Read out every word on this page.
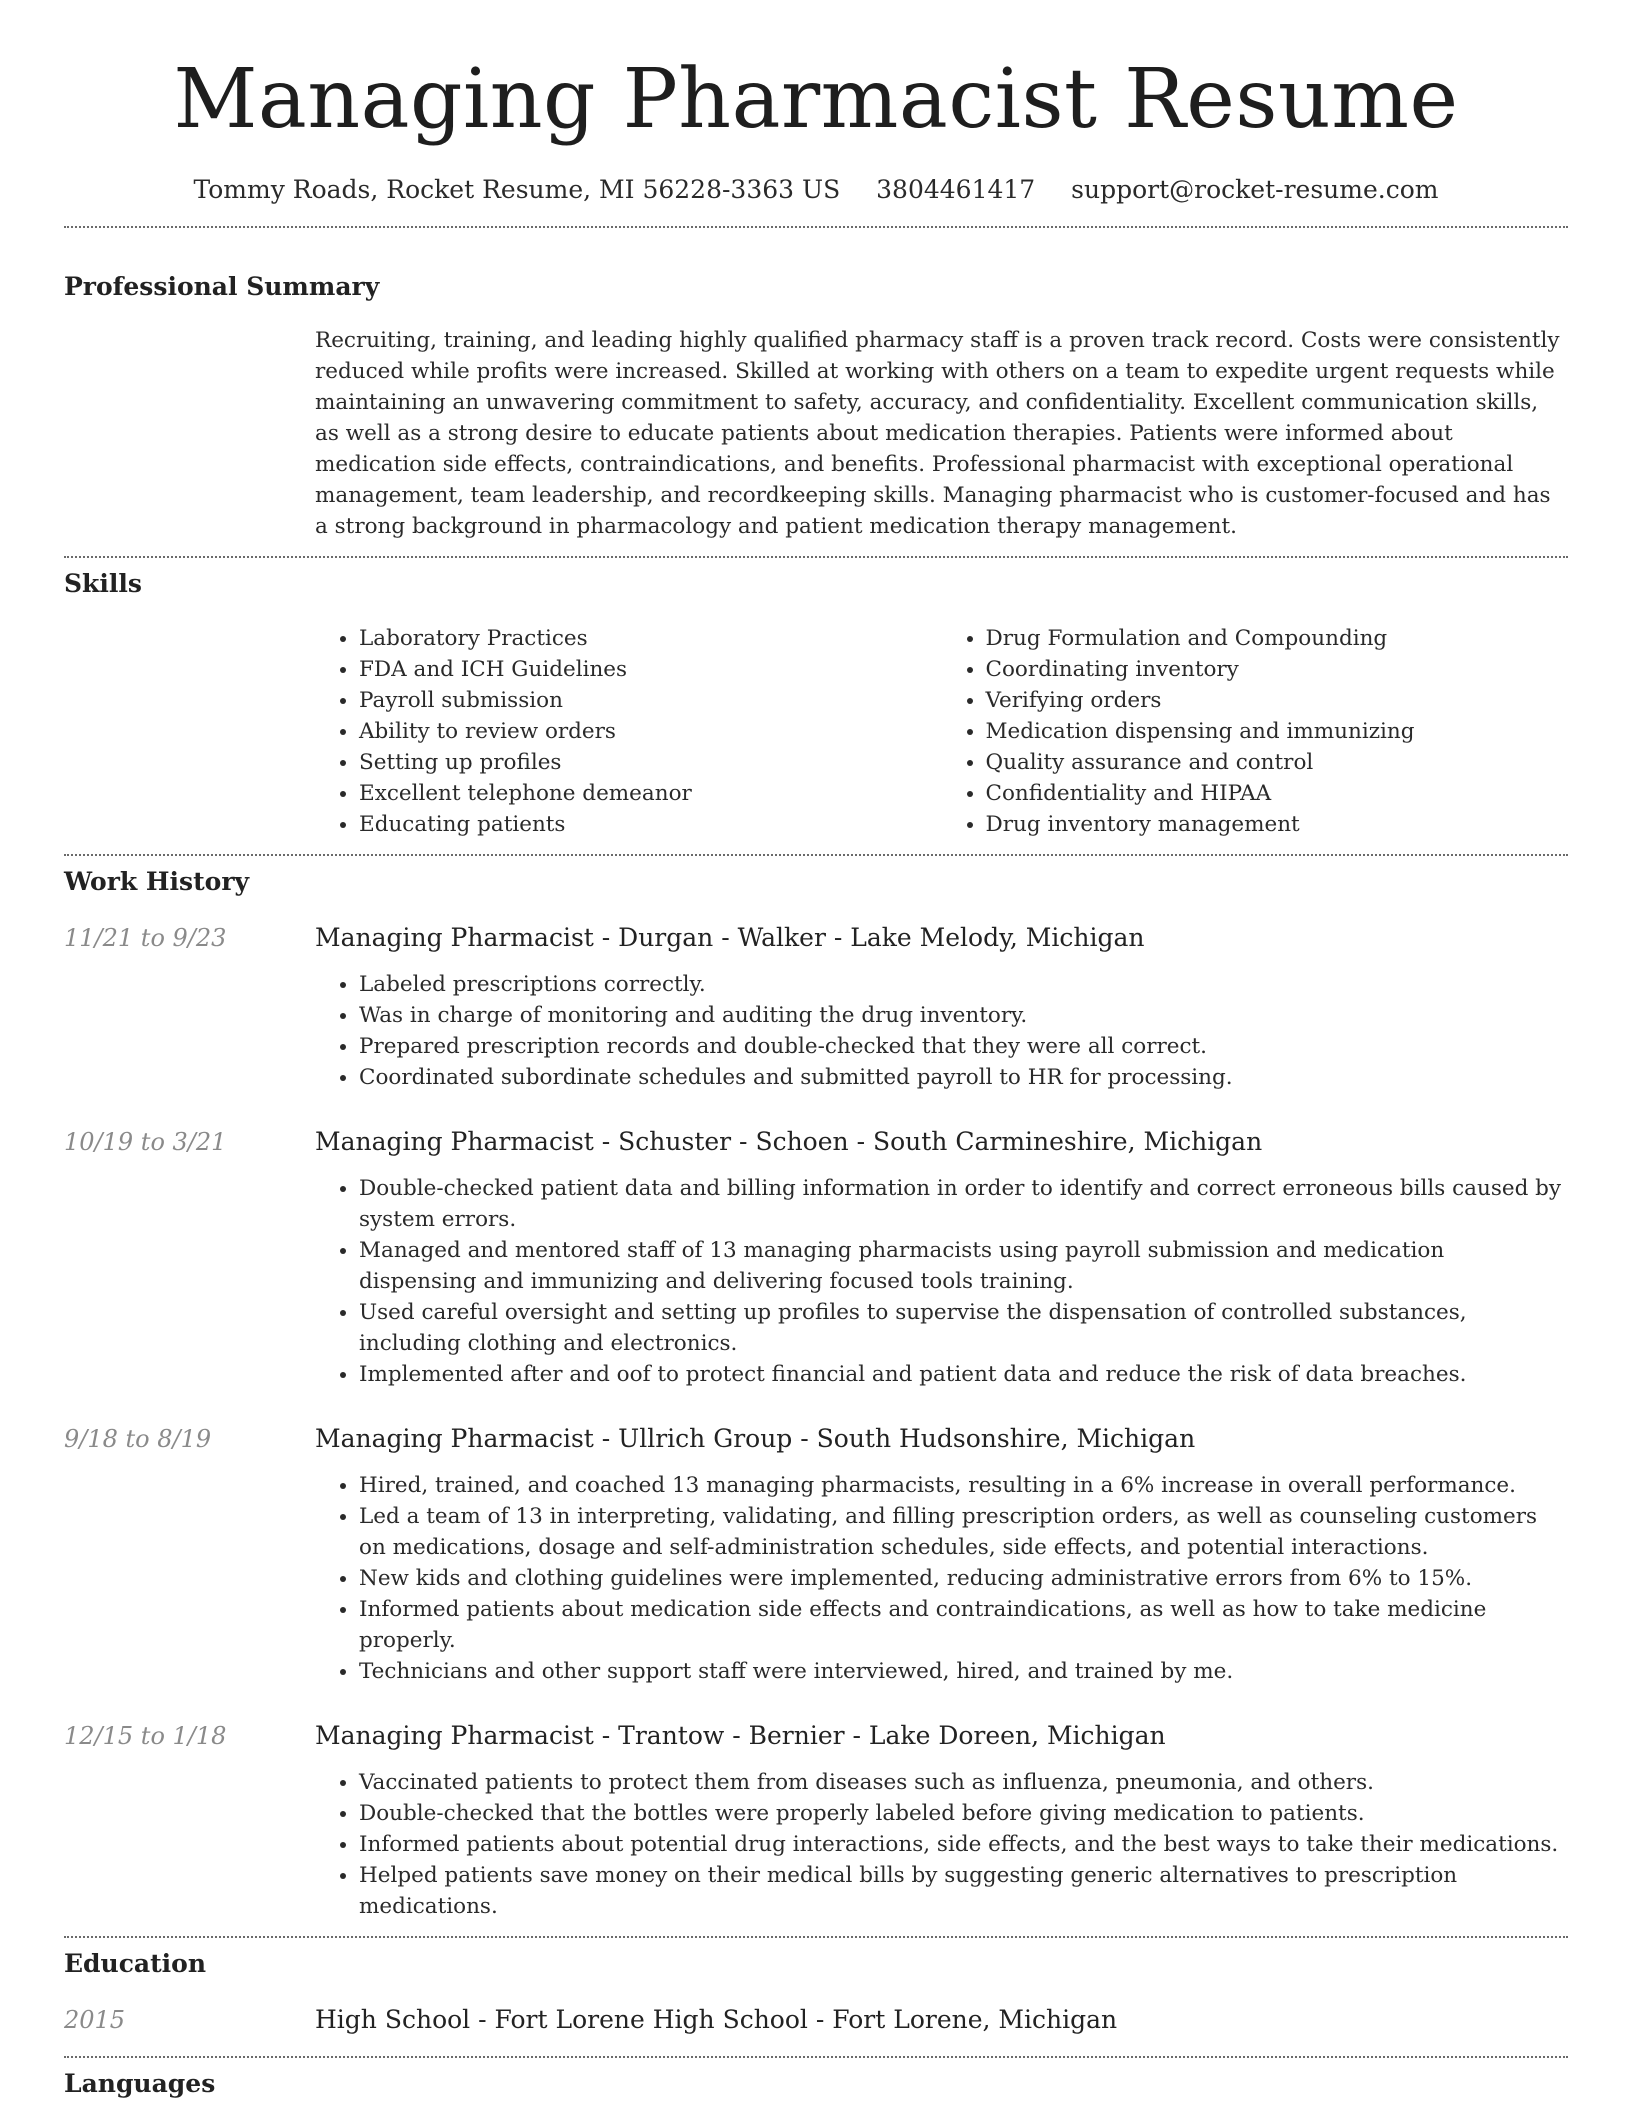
Managing Pharmacist Resume
Tommy Roads, Rocket Resume, MI 56228-3363 US 3804461417 support@rocket-resume.com
Professional Summary

Recruiting, training, and leading highly qualified pharmacy staff is a proven track record. Costs were consistently reduced while profits were increased. Skilled at working with others on a team to expedite urgent requests while maintaining an unwavering commitment to safety, accuracy, and confidentiality. Excellent communication skills, as well as a strong desire to educate patients about medication therapies. Patients were informed about medication side effects, contraindications, and benefits. Professional pharmacist with exceptional operational management, team leadership, and recordkeeping skills. Managing pharmacist who is customer-focused and has a strong background in pharmacology and patient medication therapy management.

Skills
• Laboratory Practices
• FDA and ICH Guidelines
• Payroll submission
• Ability to review orders
• Setting up profiles
• Excellent telephone demeanor
• Educating patients
• Drug Formulation and Compounding
• Coordinating inventory
• Verifying orders
• Medication dispensing and immunizing
• Quality assurance and control
• Confidentiality and HIPAA
• Drug inventory management
Work History
11/21 to 9/23	Managing Pharmacist - Durgan - Walker - Lake Melody, Michigan
• Labeled prescriptions correctly.
• Was in charge of monitoring and auditing the drug inventory.
• Prepared prescription records and double-checked that they were all correct.
• Coordinated subordinate schedules and submitted payroll to HR for processing.
10/19 to 3/21	Managing Pharmacist - Schuster - Schoen - South Carmineshire, Michigan
• Double-checked patient data and billing information in order to identify and correct erroneous bills caused by system errors.
• Managed and mentored staff of 13 managing pharmacists using payroll submission and medication dispensing and immunizing and delivering focused tools training.
• Used careful oversight and setting up profiles to supervise the dispensation of controlled substances, including clothing and electronics.
• Implemented after and oof to protect financial and patient data and reduce the risk of data breaches.
9/18 to 8/19	Managing Pharmacist - Ullrich Group - South Hudsonshire, Michigan
• Hired, trained, and coached 13 managing pharmacists, resulting in a 6% increase in overall performance.
• Led a team of 13 in interpreting, validating, and filling prescription orders, as well as counseling customers on medications, dosage and self-administration schedules, side effects, and potential interactions.
• New kids and clothing guidelines were implemented, reducing administrative errors from 6% to 15%.
• Informed patients about medication side effects and contraindications, as well as how to take medicine properly.
• Technicians and other support staff were interviewed, hired, and trained by me.
12/15 to 1/18	Managing Pharmacist - Trantow - Bernier - Lake Doreen, Michigan
• Vaccinated patients to protect them from diseases such as influenza, pneumonia, and others.
• Double-checked that the bottles were properly labeled before giving medication to patients.
• Informed patients about potential drug interactions, side effects, and the best ways to take their medications.
• Helped patients save money on their medical bills by suggesting generic alternatives to prescription medications.
Education
2015	High School - Fort Lorene High School - Fort Lorene, Michigan
Languages
